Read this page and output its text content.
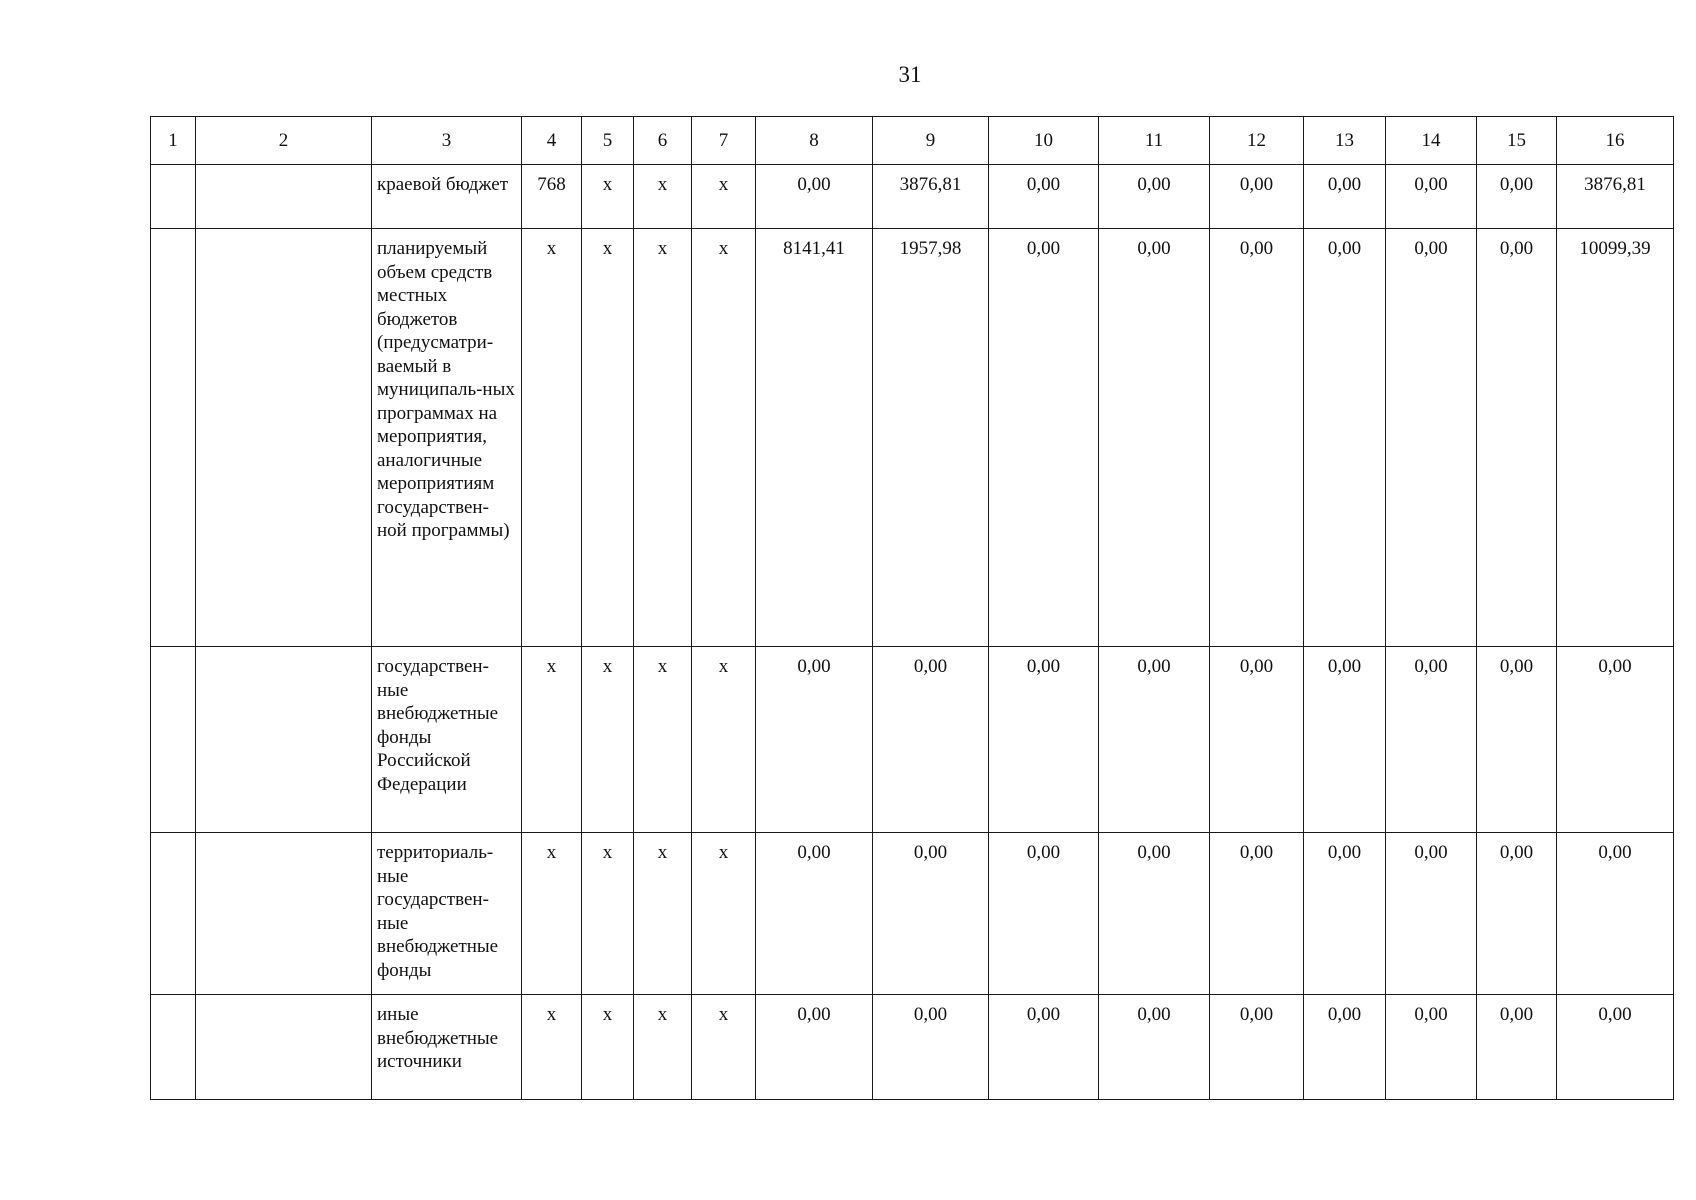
31
1	2	3	4	5	6	7	8	9	10	11	12	13	14	15	16
		краевой бюджет	768	x	x	x	0,00	3876,81	0,00	0,00	0,00	0,00	0,00	0,00	3876,81
		планируемый объем средств местных бюджетов (предусматри-ваемый в муниципаль-ных программах на мероприятия, аналогичные мероприятиям государствен-ной программы)	x	x	x	x	8141,41	1957,98	0,00	0,00	0,00	0,00	0,00	0,00	10099,39
		государствен-ные внебюджетные фонды Российской Федерации	x	x	x	x	0,00	0,00	0,00	0,00	0,00	0,00	0,00	0,00	0,00
		территориаль-ные государствен-ные внебюджетные фонды	x	x	x	x	0,00	0,00	0,00	0,00	0,00	0,00	0,00	0,00	0,00
		иные внебюджетные источники	x	x	x	x	0,00	0,00	0,00	0,00	0,00	0,00	0,00	0,00	0,00
